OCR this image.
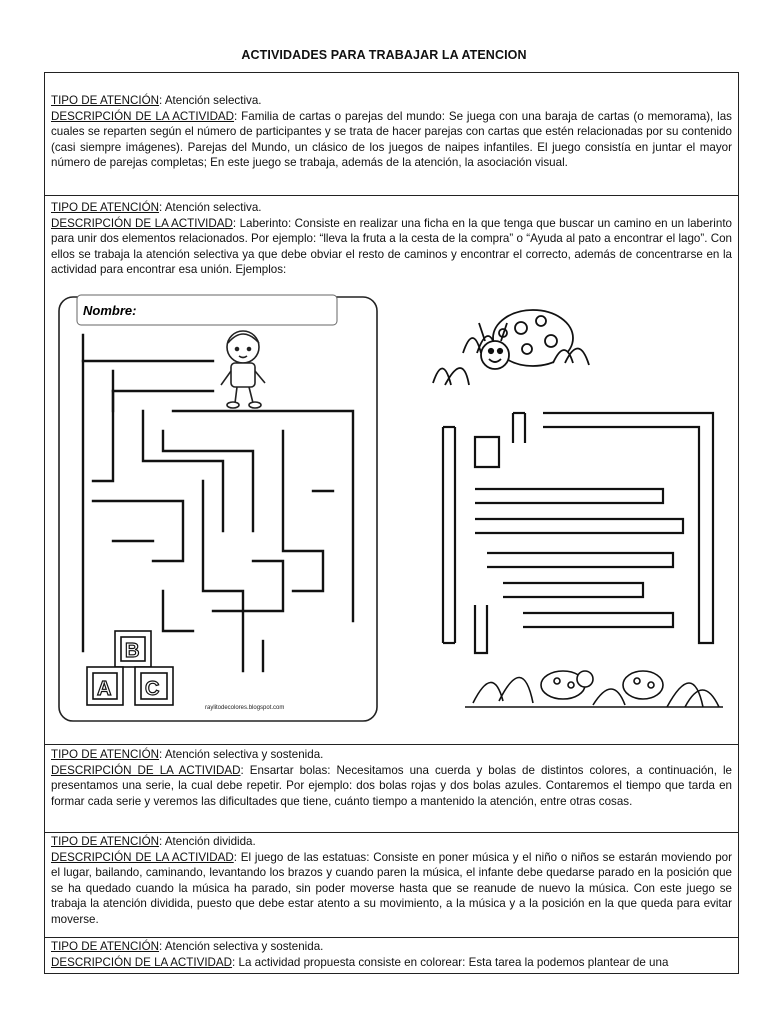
ACTIVIDADES PARA TRABAJAR LA ATENCION
TIPO DE ATENCIÓN: Atención selectiva.
DESCRIPCIÓN DE LA ACTIVIDAD: Familia de cartas o parejas del mundo: Se juega con una baraja de cartas (o memorama), las cuales se reparten según el número de participantes y se trata de hacer parejas con cartas que estén relacionadas por su contenido (casi siempre imágenes). Parejas del Mundo, un clásico de los juegos de naipes infantiles. El juego consistía en juntar el mayor número de parejas completas; En este juego se trabaja, además de la atención, la asociación visual.
TIPO DE ATENCIÓN: Atención selectiva.
DESCRIPCIÓN DE LA ACTIVIDAD: Laberinto: Consiste en realizar una ficha en la que tenga que buscar un camino en un laberinto para unir dos elementos relacionados. Por ejemplo: “lleva la fruta a la cesta de la compra” o “Ayuda al pato a encontrar el lago”. Con ellos se trabaja la atención selectiva ya que debe obviar el resto de caminos y encontrar el correcto, además de concentrarse en la actividad para encontrar esa unión. Ejemplos:
Nombre:
B
A C
raylitodecolores.blogspot.com
TIPO DE ATENCIÓN: Atención selectiva y sostenida.
DESCRIPCIÓN DE LA ACTIVIDAD: Ensartar bolas: Necesitamos una cuerda y bolas de distintos colores, a continuación, le presentamos una serie, la cual debe repetir. Por ejemplo: dos bolas rojas y dos bolas azules. Contaremos el tiempo que tarda en formar cada serie y veremos las dificultades que tiene, cuánto tiempo a mantenido la atención, entre otras cosas.
TIPO DE ATENCIÓN: Atención dividida.
DESCRIPCIÓN DE LA ACTIVIDAD: El juego de las estatuas: Consiste en poner música y el niño o niños se estarán moviendo por el lugar, bailando, caminando, levantando los brazos y cuando paren la música, el infante debe quedarse parado en la posición que se ha quedado cuando la música ha parado, sin poder moverse hasta que se reanude de nuevo la música. Con este juego se trabaja la atención dividida, puesto que debe estar atento a su movimiento, a la música y a la posición en la que queda para evitar moverse.
TIPO DE ATENCIÓN: Atención selectiva y sostenida.
DESCRIPCIÓN DE LA ACTIVIDAD: La actividad propuesta consiste en colorear: Esta tarea la podemos plantear de una
